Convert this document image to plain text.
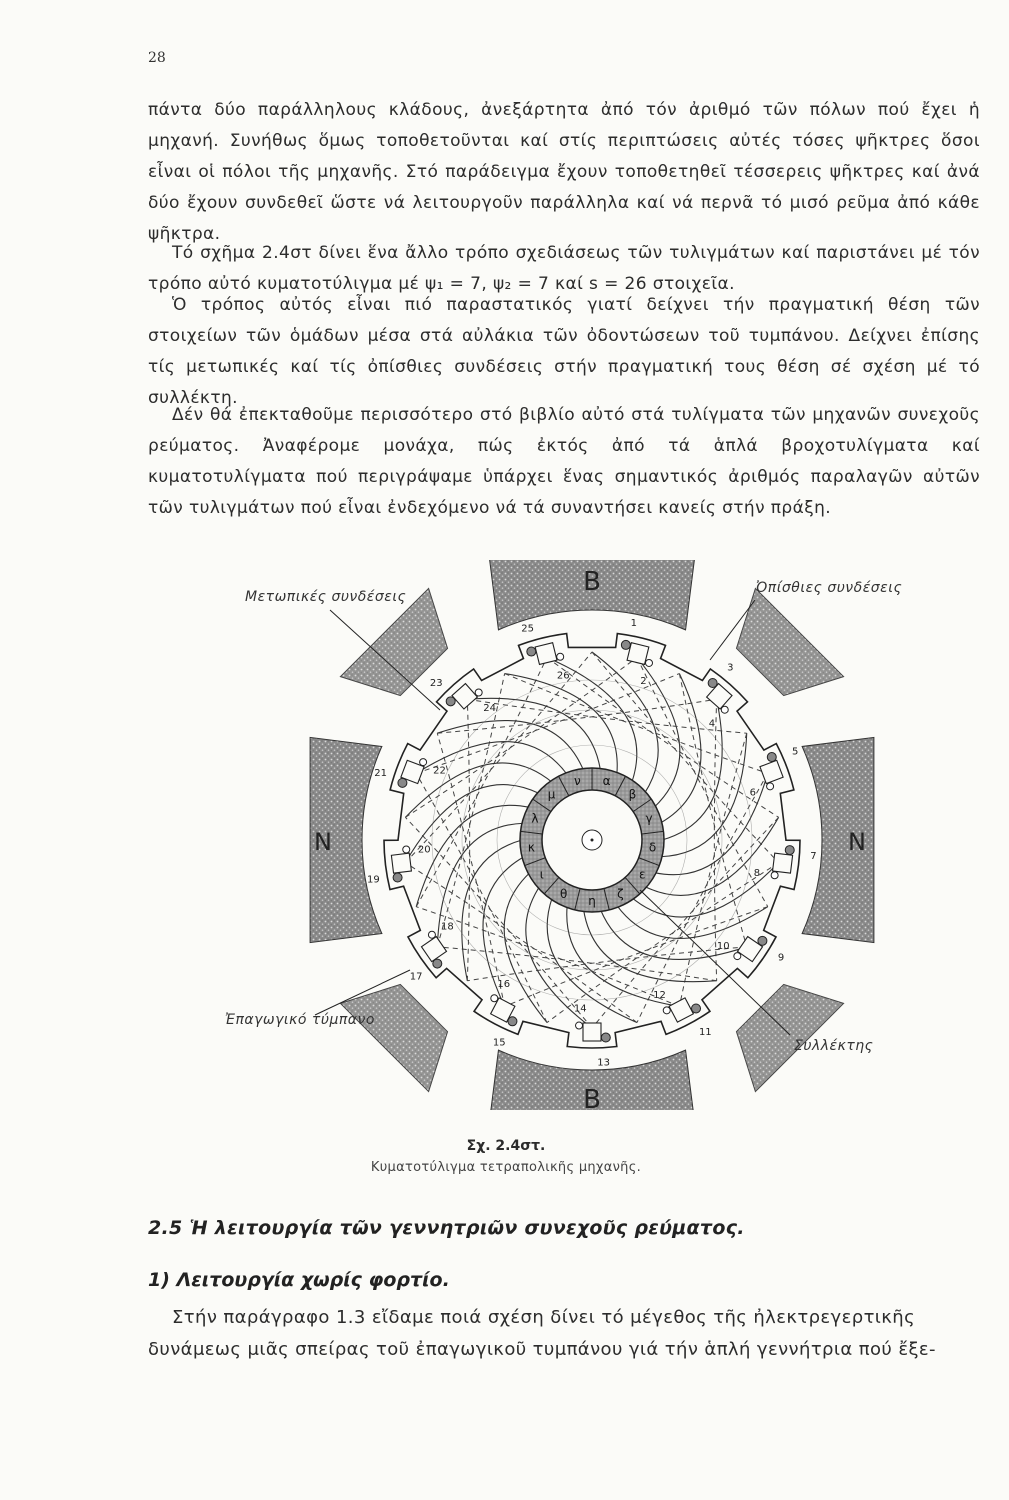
28

πάντα δύο παράλληλους κλάδους, ἀνεξάρτητα ἀπό τόν ἀριθμό τῶν πόλων πού ἔχει ἡ μηχανή. Συνήθως ὅμως τοποθετοῦνται καί στίς περιπτώσεις αὐτές τόσες ψῆκτρες ὅσοι εἶναι οἱ πόλοι τῆς μηχανῆς. Στό παράδειγμα ἔχουν τοποθετηθεῖ τέσσερεις ψῆκτρες καί ἀνά δύο ἔχουν συνδεθεῖ ὥστε νά λειτουργοῦν παράλληλα καί νά περνᾶ τό μισό ρεῦμα ἀπό κάθε ψῆκτρα.

Τό σχῆμα 2.4στ δίνει ἕνα ἄλλο τρόπο σχεδιάσεως τῶν τυλιγμάτων καί παριστάνει μέ τόν τρόπο αὐτό κυματοτύλιγμα μέ ψ₁ = 7, ψ₂ = 7 καί s = 26 στοιχεῖα.

Ὁ τρόπος αὐτός εἶναι πιό παραστατικός γιατί δείχνει τήν πραγματική θέση τῶν στοιχείων τῶν ὁμάδων μέσα στά αὐλάκια τῶν ὀδοντώσεων τοῦ τυμπάνου. Δείχνει ἐπίσης τίς μετωπικές καί τίς ὀπίσθιες συνδέσεις στήν πραγματική τους θέση σέ σχέση μέ τό συλλέκτη.

Δέν θά ἐπεκταθοῦμε περισσότερο στό βιβλίο αὐτό στά τυλίγματα τῶν μηχανῶν συνεχοῦς ρεύματος. Ἀναφέρομε μονάχα, πώς ἐκτός ἀπό τά ἁπλά βροχοτυλίγματα καί κυματοτυλίγματα πού περιγράψαμε ὑπάρχει ἕνας σημαντικός ἀριθμός παραλαγῶν αὐτῶν τῶν τυλιγμάτων πού εἶναι ἐνδεχόμενο νά τά συναντήσει κανείς στήν πράξη.

1
2
3
4
5
6
7
8
9
10
11
12
13
14
15
16
17
18
19
20
21	22
23
24
25
26
α
β
γ
δ
ε
ζ
η
θ
ι
κ
λ
μ
ν
B
N	N
B
Μετωπικές συνδέσεις
Ὀπίσθιες συνδέσεις
Ἐπαγωγικό τύμπανο
Συλλέκτης
Σχ. 2.4στ.
Κυματοτύλιγμα τετραπολικῆς μηχανῆς.
2.5 Ἡ λειτουργία τῶν γεννητριῶν συνεχοῦς ρεύματος.
1) Λειτουργία χωρίς φορτίο.

Στήν παράγραφο 1.3 εἴδαμε ποιά σχέση δίνει τό μέγεθος τῆς ἠλεκτρεγερτικῆς δυνάμεως μιᾶς σπείρας τοῦ ἐπαγωγικοῦ τυμπάνου γιά τήν ἁπλή γεννήτρια πού ἔξε-
